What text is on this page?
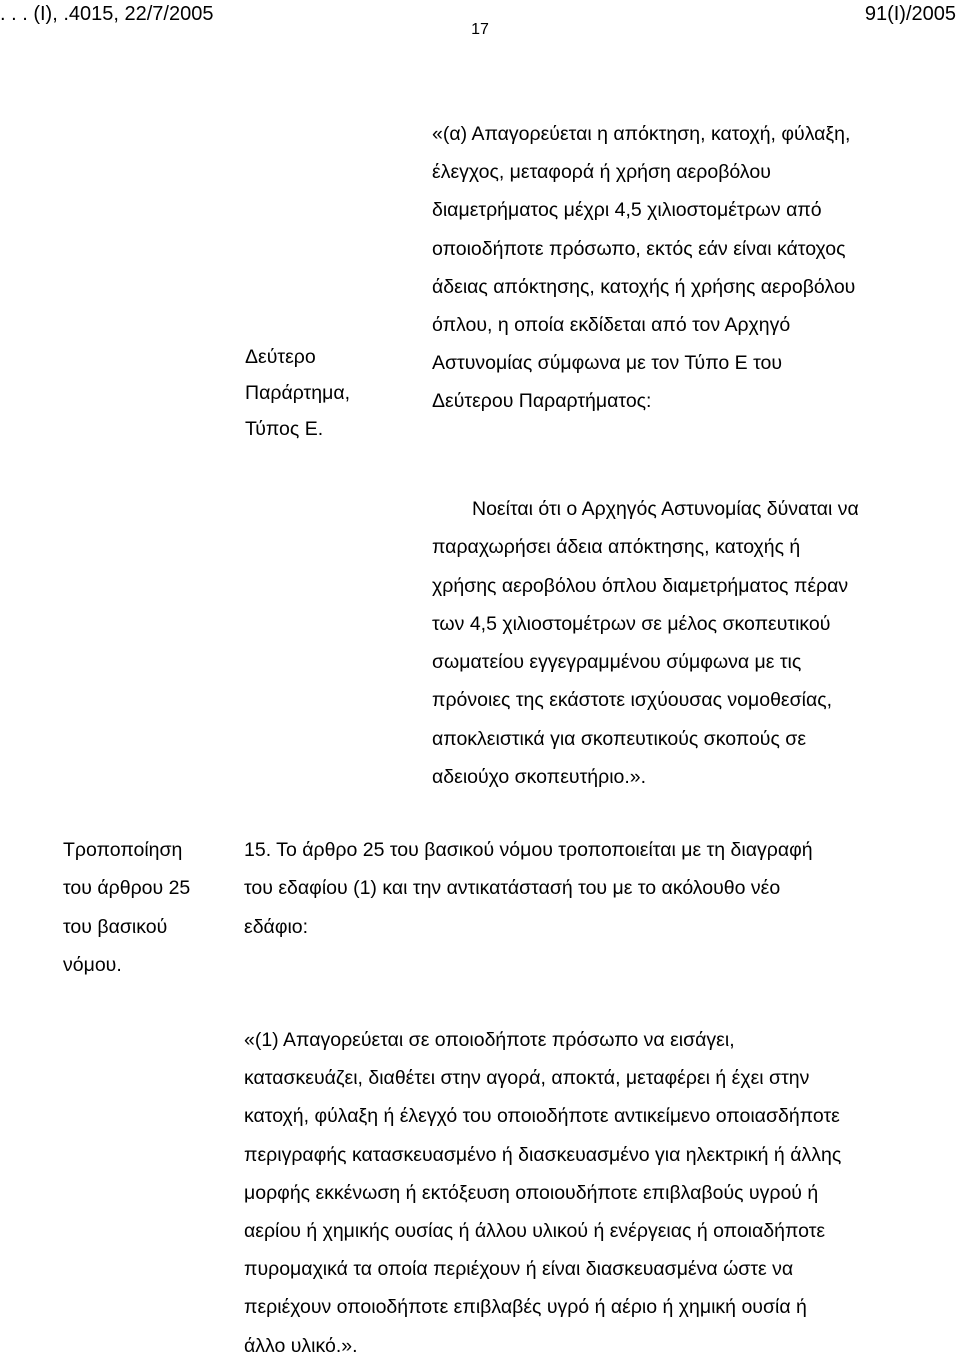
. . . (Ι), .4015, 22/7/2005	91(Ι)/2005
17
«(α) Απαγορεύεται η απόκτηση, κατοχή, φύλαξη,
έλεγχος, μεταφορά ή χρήση αεροβόλου
διαμετρήματος μέχρι 4,5 χιλιοστομέτρων από
οποιοδήποτε πρόσωπο, εκτός εάν είναι κάτοχος
άδειας απόκτησης, κατοχής ή χρήσης αεροβόλου
όπλου, η οποία εκδίδεται από τον Αρχηγό
Αστυνομίας σύμφωνα με τον Τύπο Ε του
Δεύτερου Παραρτήματος:
Δεύτερο
Παράρτημα,
Τύπος Ε.
Νοείται ότι ο Αρχηγός Αστυνομίας δύναται να
παραχωρήσει άδεια απόκτησης, κατοχής ή
χρήσης αεροβόλου όπλου διαμετρήματος πέραν
των 4,5 χιλιοστομέτρων σε μέλος σκοπευτικού
σωματείου εγγεγραμμένου σύμφωνα με τις
πρόνοιες της εκάστοτε ισχύουσας νομοθεσίας,
αποκλειστικά για σκοπευτικούς σκοπούς σε
αδειούχο σκοπευτήριο.».
Τροποποίηση
του άρθρου 25
του βασικού
νόμου.
15. Το άρθρο 25 του βασικού νόμου τροποποιείται με τη διαγραφή
του εδαφίου (1) και την αντικατάστασή του με το ακόλουθο νέο
εδάφιο:
«(1) Απαγορεύεται σε οποιοδήποτε πρόσωπο να εισάγει,
κατασκευάζει, διαθέτει στην αγορά, αποκτά, μεταφέρει ή έχει στην
κατοχή, φύλαξη ή έλεγχό του οποιοδήποτε αντικείμενο οποιασδήποτε
περιγραφής κατασκευασμένο ή διασκευασμένο για ηλεκτρική ή άλλης
μορφής εκκένωση ή εκτόξευση οποιουδήποτε επιβλαβούς υγρού ή
αερίου ή χημικής ουσίας ή άλλου υλικού ή ενέργειας ή οποιαδήποτε
πυρομαχικά τα οποία περιέχουν ή είναι διασκευασμένα ώστε να
περιέχουν οποιοδήποτε επιβλαβές υγρό ή αέριο ή χημική ουσία ή
άλλο υλικό.».
